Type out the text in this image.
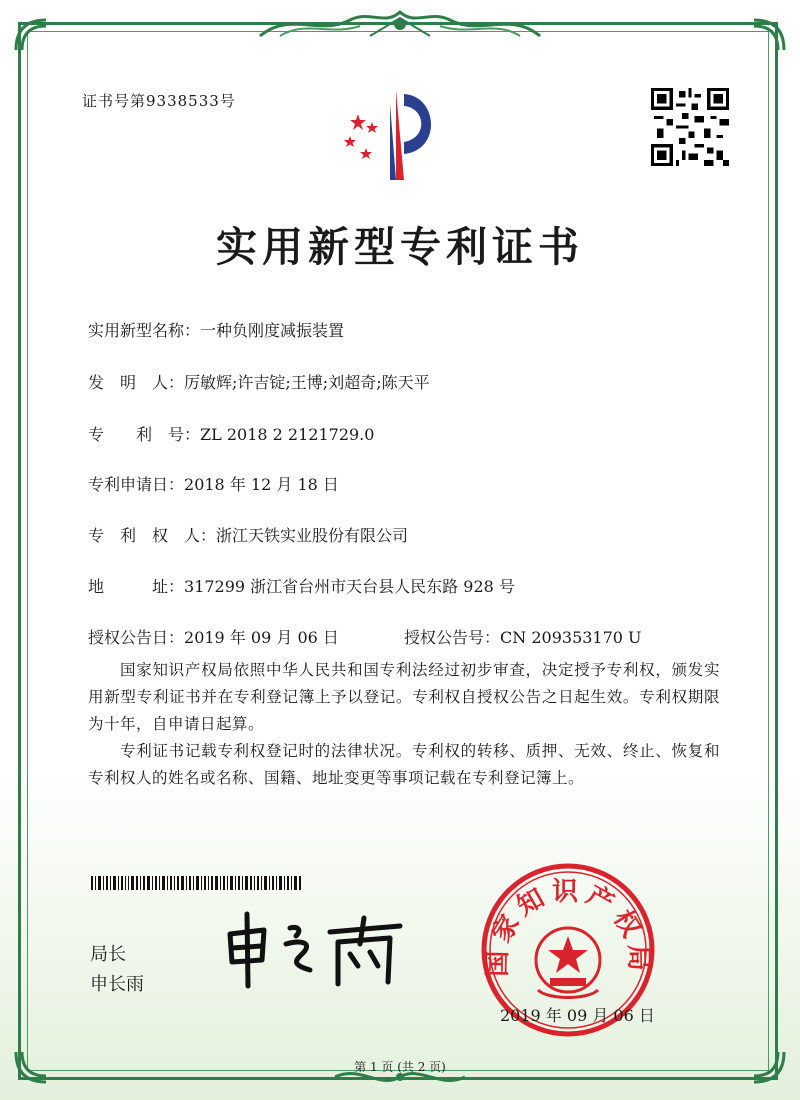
证书号第9338533号
实用新型专利证书
实用新型名称：一种负刚度减振装置
发　明　人：厉敏辉;许吉锭;王博;刘超奇;陈天平
专　　利　号：ZL 2018 2 2121729.0
专利申请日：2018 年 12 月 18 日
专　利　权　人：浙江天铁实业股份有限公司
地　　　址：317299 浙江省台州市天台县人民东路 928 号
授权公告日：2019 年 09 月 06 日	授权公告号：CN 209353170 U
国家知识产权局依照中华人民共和国专利法经过初步审查，决定授予专利权，颁发实用新型专利证书并在专利登记簿上予以登记。专利权自授权公告之日起生效。专利权期限为十年，自申请日起算。
专利证书记载专利权登记时的法律状况。专利权的转移、质押、无效、终止、恢复和专利权人的姓名或名称、国籍、地址变更等事项记载在专利登记簿上。
局长
申长雨
国家知识产权局
2019 年 09 月 06 日
第 1 页 (共 2 页)
